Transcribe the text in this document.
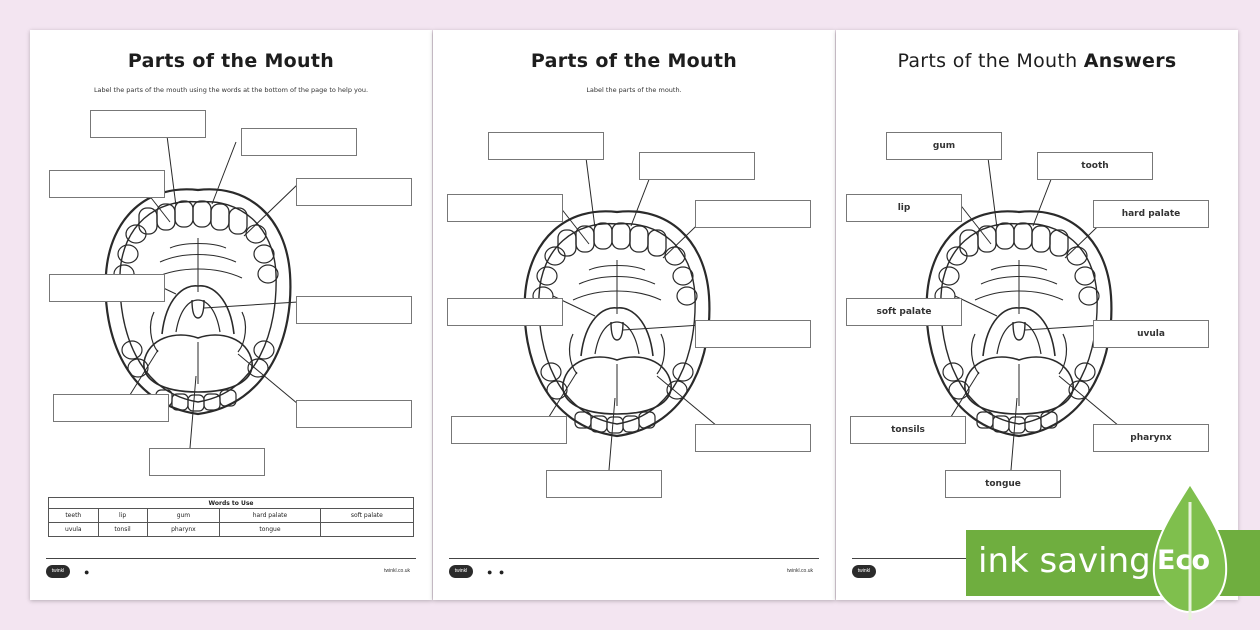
Parts of the Mouth
Label the parts of the mouth using the words at the bottom of the page to help you.
Words to Use				
teeth	lip	gum	hard palate	soft palate
uvula	tonsil	pharynx	tongue	
twinkl	●	twinkl.co.uk
Parts of the Mouth
Label the parts of the mouth.
twinkl	● ●	twinkl.co.uk
Parts of the Mouth Answers
gum
tooth
lip
hard palate
soft palate
uvula
tonsils
pharynx
tongue
twinkl	ink saving Eco
